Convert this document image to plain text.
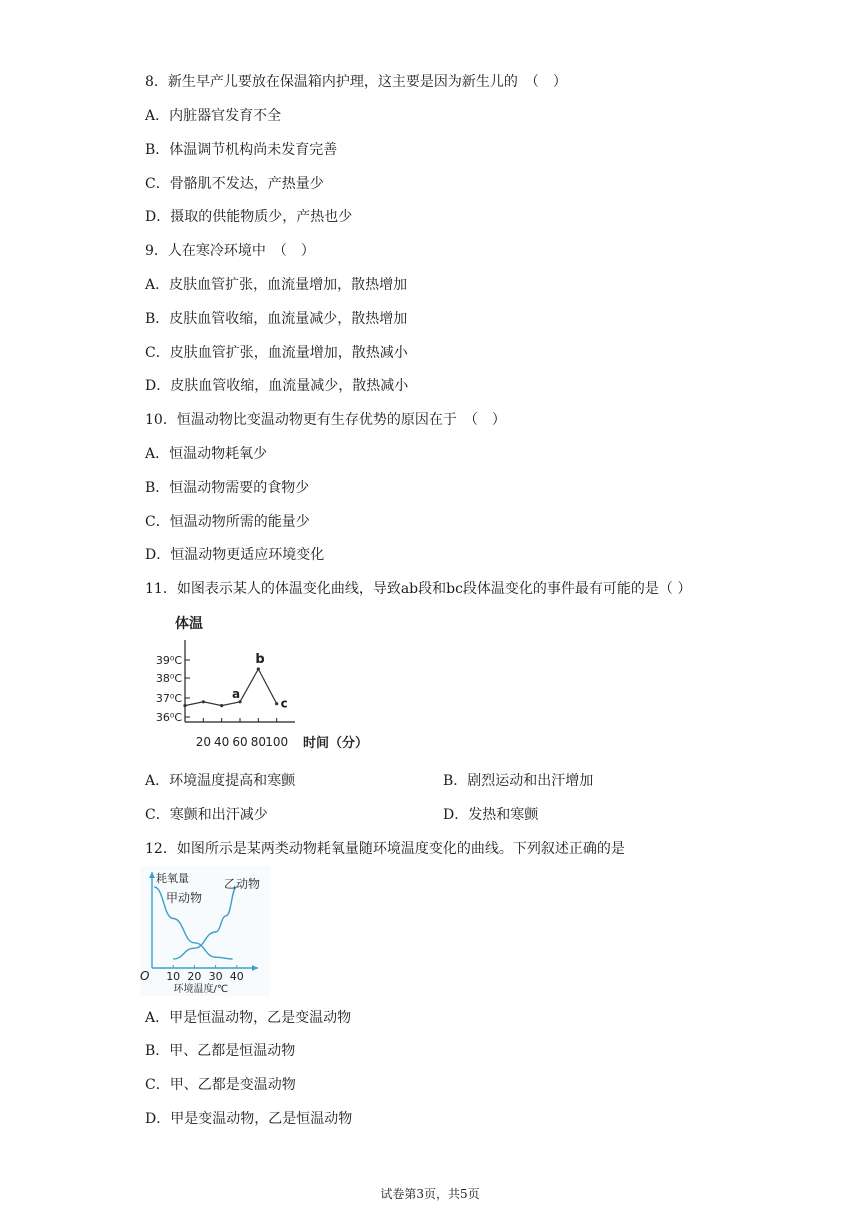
8．新生早产儿要放在保温箱内护理，这主要是因为新生儿的　（　）
A．内脏器官发育不全
B．体温调节机构尚未发育完善
C．骨骼肌不发达，产热量少
D．摄取的供能物质少，产热也少
9．人在寒冷环境中　（　）
A．皮肤血管扩张，血流量增加，散热增加
B．皮肤血管收缩，血流量减少，散热增加
C．皮肤血管扩张，血流量增加，散热减小
D．皮肤血管收缩，血流量减少，散热减小
10．恒温动物比变温动物更有生存优势的原因在于　（　）
A．恒温动物耗氧少
B．恒温动物需要的食物少
C．恒温动物所需的能量少
D．恒温动物更适应环境变化
11．如图表示某人的体温变化曲线，导致ab段和bc段体温变化的事件最有可能的是（ ）
体温
39⁰C
38⁰C
37⁰C
36⁰C
20 40 60 80 100 时间（分）
a
b
c
A．环境温度提高和寒颤	B．剧烈运动和出汗增加
C．寒颤和出汗减少	D．发热和寒颤
12．如图所示是某两类动物耗氧量随环境温度变化的曲线。下列叙述正确的是
耗氧量
O 10 20 30 40
环境温度/℃
甲动物
乙动物
A．甲是恒温动物，乙是变温动物
B．甲、乙都是恒温动物
C．甲、乙都是变温动物
D．甲是变温动物，乙是恒温动物
试卷第3页，共5页
